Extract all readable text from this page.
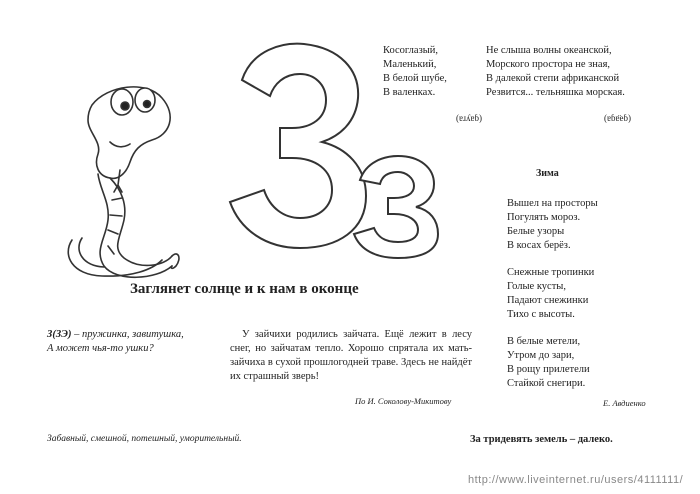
Косоглазый,
Маленький,
В белой шубе,
В валенках.
Не слыша волны океанской,
Морского простора не зная,
В далекой степи африканской
Резвится... тельняшка морская.
(ɐɹʎɐɓ)	(ɐɓɐ̈еɓ)
Заглянет солнце и к нам в оконце
З(ЗЭ) – пружинка, завитушка,
А может чья-то ушки?
У зайчихи родились зайчата. Ещё лежит в лесу снег, но зайчатам тепло. Хорошо спрятала их мать-зайчиха в сухой прошлогодней траве. Здесь не найдёт их страшный зверь!
По И. Соколову-Микитову
Зима
Вышел на просторы
Погулять мороз.
Белые узоры
В косах берёз.
Снежные тропинки
Голые кусты,
Падают снежинки
Тихо с высоты.
В белые метели,
Утром до зари,
В рощу прилетели
Стайкой снегири.
Е. Авдиенко
Забавный, смешной, потешный, уморительный.	За тридевять земель – далеко.
http://www.liveinternet.ru/users/4111111/
